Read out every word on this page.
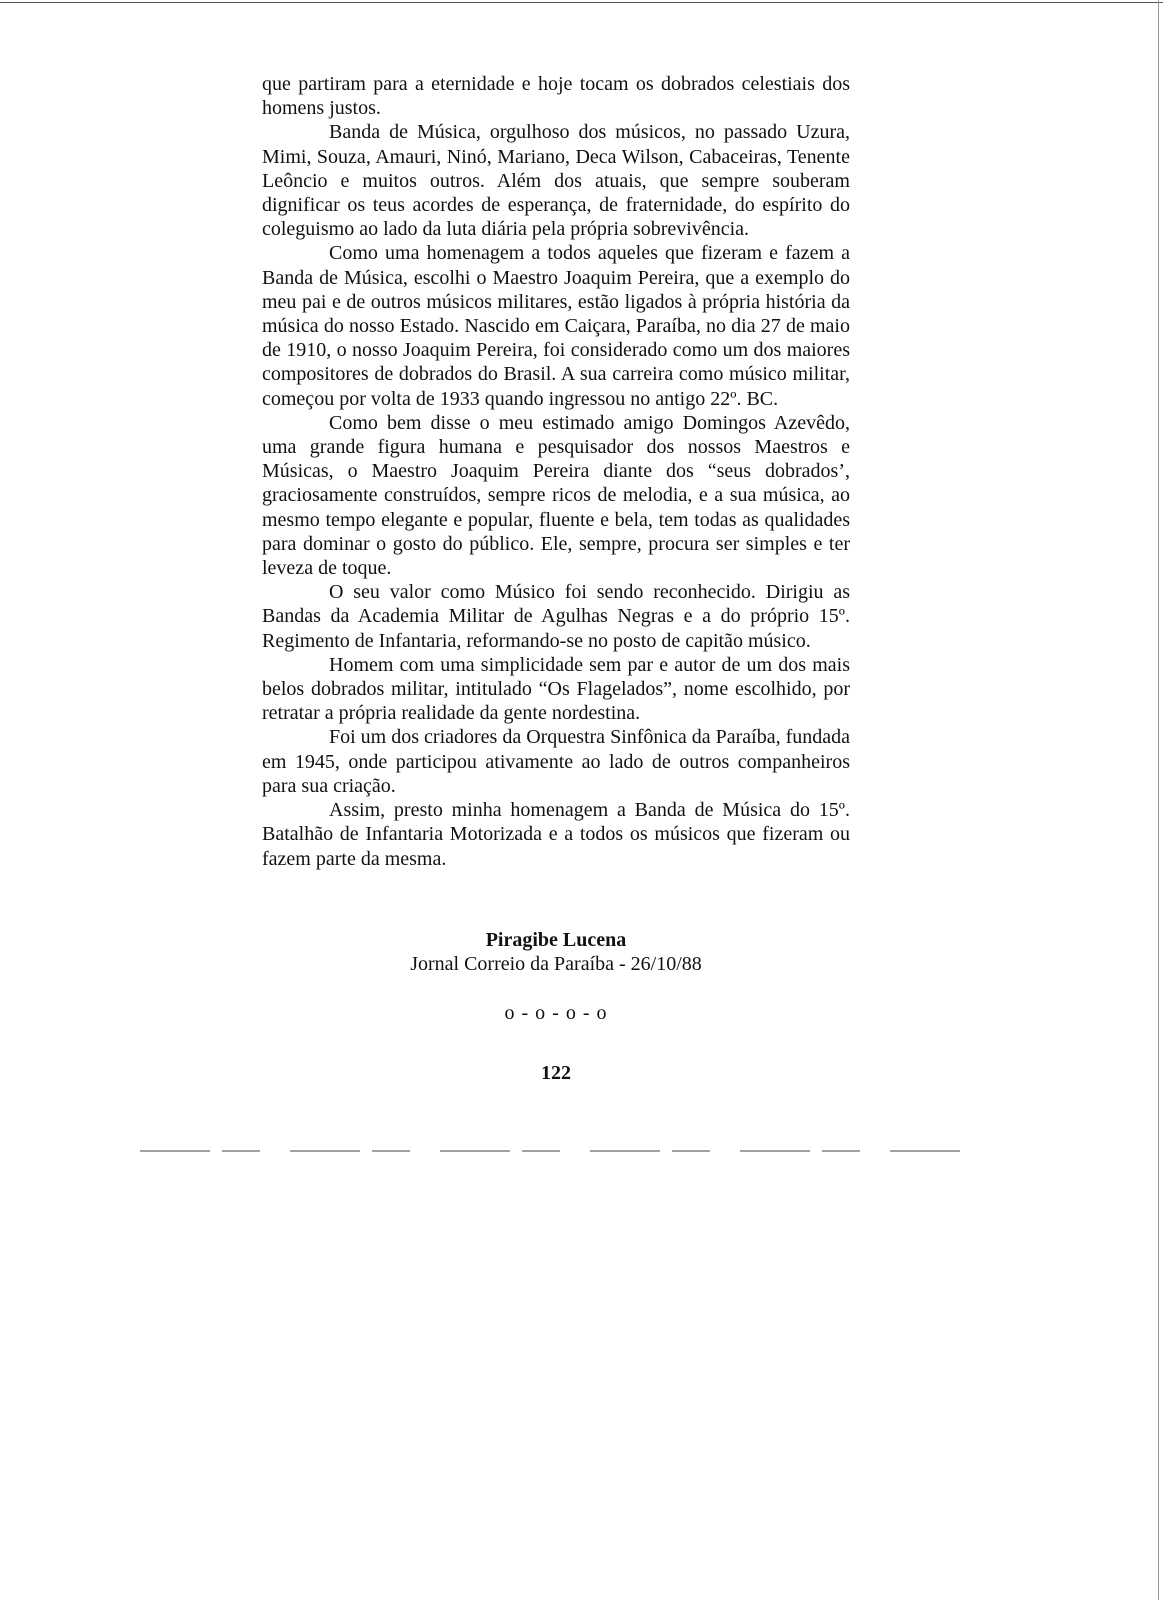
que partiram para a eternidade e hoje tocam os dobrados celestiais dos homens justos.

Banda de Música, orgulhoso dos músicos, no passado Uzura, Mimi, Souza, Amauri, Ninó, Mariano, Deca Wilson, Cabaceiras, Tenente Leôncio e muitos outros. Além dos atuais, que sempre souberam dignificar os teus acordes de esperança, de fraternidade, do espírito do coleguismo ao lado da luta diária pela própria sobrevivência.

Como uma homenagem a todos aqueles que fizeram e fazem a Banda de Música, escolhi o Maestro Joaquim Pereira, que a exemplo do meu pai e de outros músicos militares, estão ligados à própria história da música do nosso Estado. Nascido em Caiçara, Paraíba, no dia 27 de maio de 1910, o nosso Joaquim Pereira, foi considerado como um dos maiores compositores de dobrados do Brasil. A sua carreira como músico militar, começou por volta de 1933 quando ingressou no antigo 22º. BC.

Como bem disse o meu estimado amigo Domingos Azevêdo, uma grande figura humana e pesquisador dos nossos Maestros e Músicas, o Maestro Joaquim Pereira diante dos “seus dobrados’, graciosamente construídos, sempre ricos de melodia, e a sua música, ao mesmo tempo elegante e popular, fluente e bela, tem todas as qualidades para dominar o gosto do público. Ele, sempre, procura ser simples e ter leveza de toque.

O seu valor como Músico foi sendo reconhecido. Dirigiu as Bandas da Academia Militar de Agulhas Negras e a do próprio 15º. Regimento de Infantaria, reformando-se no posto de capitão músico.

Homem com uma simplicidade sem par e autor de um dos mais belos dobrados militar, intitulado “Os Flagelados”, nome escolhido, por retratar a própria realidade da gente nordestina.

Foi um dos criadores da Orquestra Sinfônica da Paraíba, fundada em 1945, onde participou ativamente ao lado de outros companheiros para sua criação.

Assim, presto minha homenagem a Banda de Música do 15º. Batalhão de Infantaria Motorizada e a todos os músicos que fizeram ou fazem parte da mesma.

Piragibe Lucena
Jornal Correio da Paraíba - 26/10/88
o - o - o - o
122
